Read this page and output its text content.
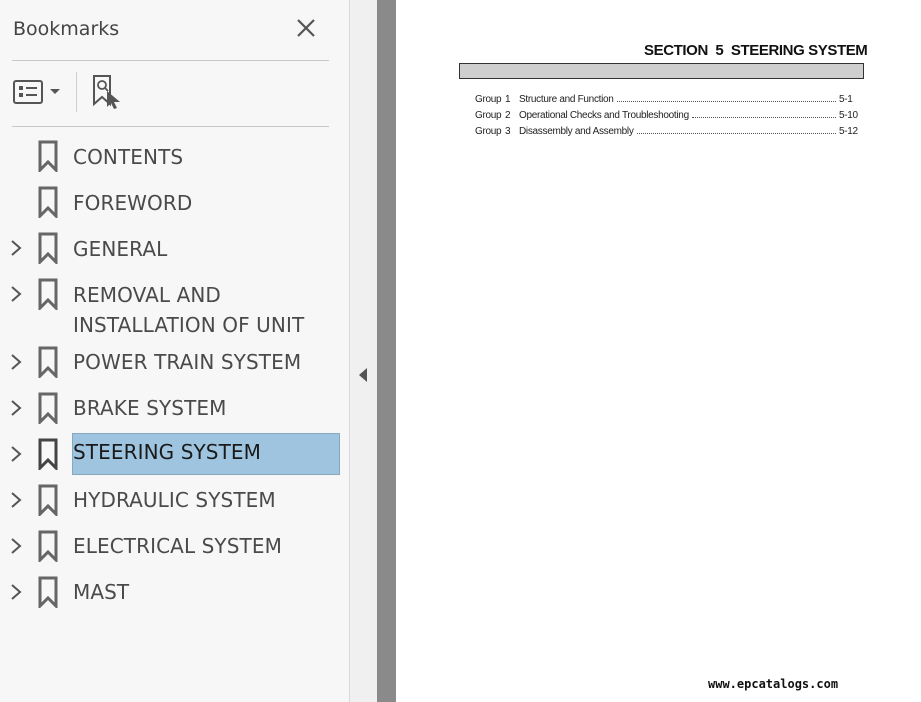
Bookmarks
CONTENTS
FOREWORD
GENERAL
REMOVAL AND
INSTALLATION OF UNIT
POWER TRAIN SYSTEM
BRAKE SYSTEM
STEERING SYSTEM
HYDRAULIC SYSTEM
ELECTRICAL SYSTEM
MAST
SECTION  5  STEERING SYSTEM
Group 1 Structure and Function	5-1
Group 2 Operational Checks and Troubleshooting	5-10
Group 3 Disassembly and Assembly	5-12
www.epcatalogs.com
